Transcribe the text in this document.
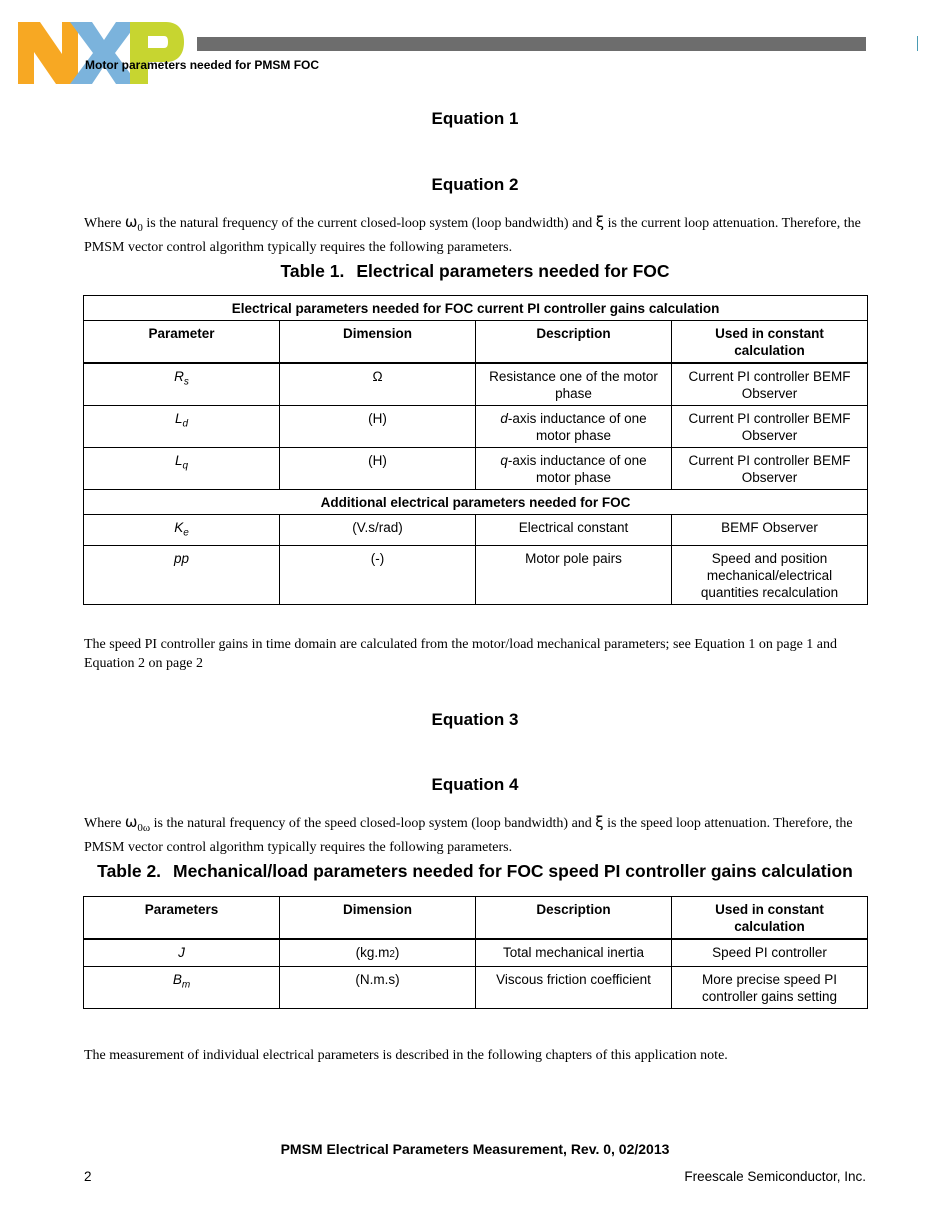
Motor parameters needed for PMSM FOC
Equation 1
Equation 2
Where $\omega_0$ is the natural frequency of the current closed-loop system (loop bandwidth) and ξ is the current loop attenuation. Therefore, the PMSM vector control algorithm typically requires the following parameters.
Table 1. Electrical parameters needed for FOC
Electrical parameters needed for FOC current PI controller gains calculation			
Parameter	Dimension	Description	Used in constant calculation
$R_s$	Ω	Resistance one of the motor phase	Current PI controller BEMF Observer
$L_d$	(H)	d-axis inductance of one motor phase	Current PI controller BEMF Observer
$L_q$	(H)	q-axis inductance of one motor phase	Current PI controller BEMF Observer
Additional electrical parameters needed for FOC			
$K_e$	(V.s/rad)	Electrical constant	BEMF Observer
pp	(-)	Motor pole pairs	Speed and position mechanical/electrical quantities recalculation
The speed PI controller gains in time domain are calculated from the motor/load mechanical parameters; see Equation 1 on page 1 and Equation 2 on page 2
Equation 3
Equation 4
Where $\omega_{0\omega}$ is the natural frequency of the speed closed-loop system (loop bandwidth) and ξ is the speed loop attenuation. Therefore, the PMSM vector control algorithm typically requires the following parameters.
Table 2. Mechanical/load parameters needed for FOC speed PI controller gains calculation
Parameters	Dimension	Description	Used in constant calculation
J	(kg.m2)	Total mechanical inertia	Speed PI controller
$B_m$	(N.m.s)	Viscous friction coefficient	More precise speed PI controller gains setting
The measurement of individual electrical parameters is described in the following chapters of this application note.
PMSM Electrical Parameters Measurement, Rev. 0, 02/2013
2	Freescale Semiconductor, Inc.
